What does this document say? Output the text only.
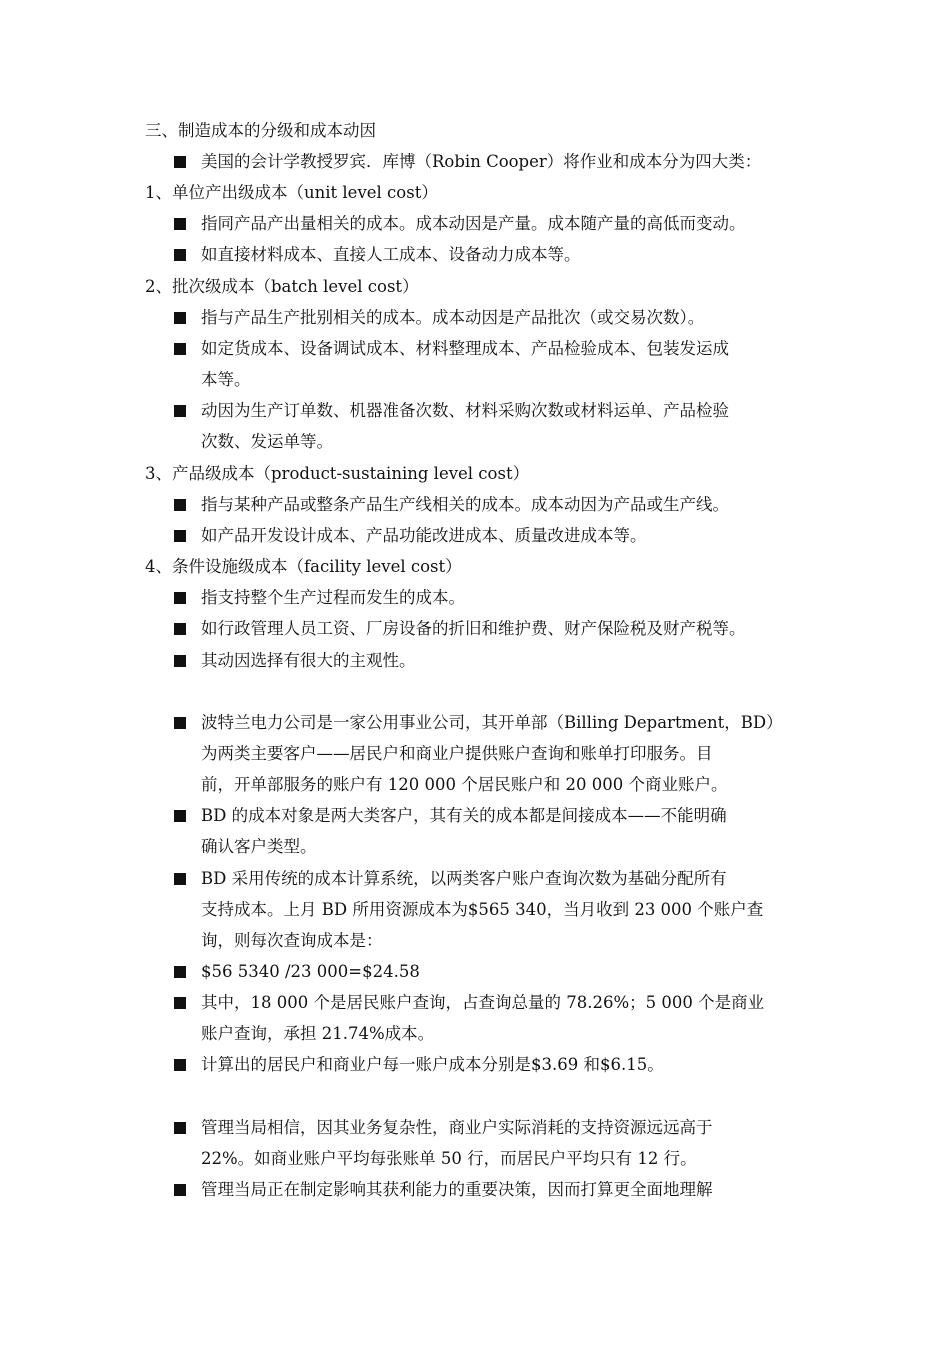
三、制造成本的分级和成本动因
美国的会计学教授罗宾．库博（Robin Cooper）将作业和成本分为四大类：
1、单位产出级成本（unit level cost）
指同产品产出量相关的成本。成本动因是产量。成本随产量的高低而变动。
如直接材料成本、直接人工成本、设备动力成本等。
2、批次级成本（batch level cost）
指与产品生产批别相关的成本。成本动因是产品批次（或交易次数）。
如定货成本、设备调试成本、材料整理成本、产品检验成本、包装发运成
本等。
动因为生产订单数、机器准备次数、材料采购次数或材料运单、产品检验
次数、发运单等。
3、产品级成本（product-sustaining level cost）
指与某种产品或整条产品生产线相关的成本。成本动因为产品或生产线。
如产品开发设计成本、产品功能改进成本、质量改进成本等。
4、条件设施级成本（facility level cost）
指支持整个生产过程而发生的成本。
如行政管理人员工资、厂房设备的折旧和维护费、财产保险税及财产税等。
其动因选择有很大的主观性。
波特兰电力公司是一家公用事业公司，其开单部（Billing Department，BD）
为两类主要客户——居民户和商业户提供账户查询和账单打印服务。目
前，开单部服务的账户有 120 000 个居民账户和 20 000 个商业账户。
BD 的成本对象是两大类客户，其有关的成本都是间接成本——不能明确
确认客户类型。
BD 采用传统的成本计算系统，以两类客户账户查询次数为基础分配所有
支持成本。上月 BD 所用资源成本为$565 340，当月收到 23 000 个账户查
询，则每次查询成本是：
$56 5340 /23 000=$24.58
其中，18 000 个是居民账户查询，占查询总量的 78.26%；5 000 个是商业
账户查询，承担 21.74%成本。
计算出的居民户和商业户每一账户成本分别是$3.69 和$6.15。
管理当局相信，因其业务复杂性，商业户实际消耗的支持资源远远高于
22%。如商业账户平均每张账单 50 行，而居民户平均只有 12 行。
管理当局正在制定影响其获利能力的重要决策，因而打算更全面地理解
